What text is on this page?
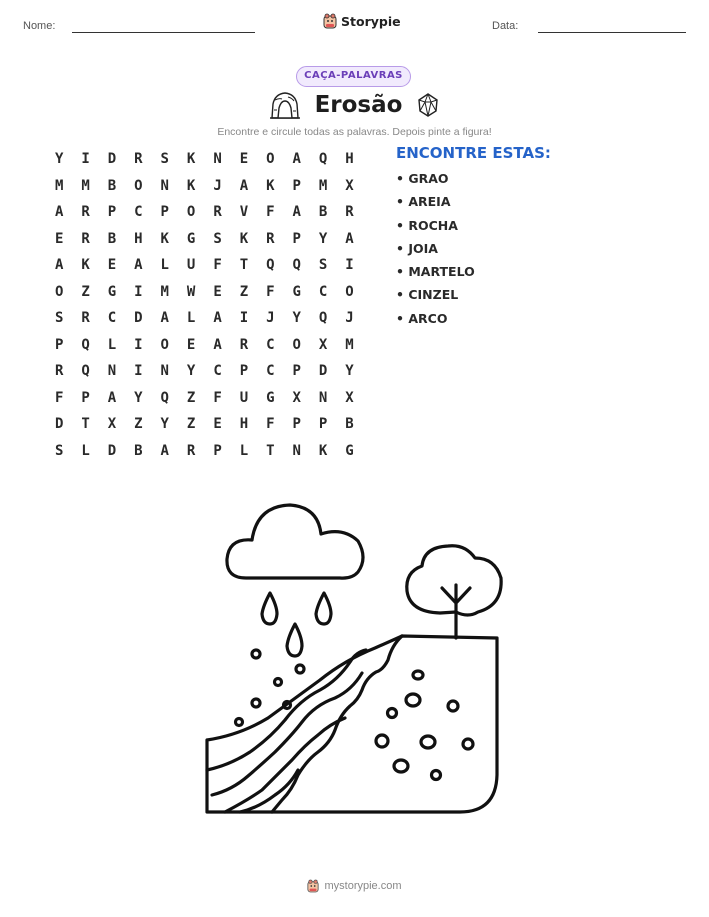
Nome:	Storypie	Data:
CAÇA-PALAVRAS
Erosão
Encontre e circule todas as palavras. Depois pinte a figura!
Y	I	D	R	S	K	N	E	O	A	Q	H
M	M	B	O	N	K	J	A	K	P	M	X
A	R	P	C	P	O	R	V	F	A	B	R
E	R	B	H	K	G	S	K	R	P	Y	A
A	K	E	A	L	U	F	T	Q	Q	S	I
O	Z	G	I	M	W	E	Z	F	G	C	O
S	R	C	D	A	L	A	I	J	Y	Q	J
P	Q	L	I	O	E	A	R	C	O	X	M
R	Q	N	I	N	Y	C	P	C	P	D	Y
F	P	A	Y	Q	Z	F	U	G	X	N	X
D	T	X	Z	Y	Z	E	H	F	P	P	B
S	L	D	B	A	R	P	L	T	N	K	G
ENCONTRE ESTAS:
• GRAO
• AREIA
• ROCHA
• JOIA
• MARTELO
• CINZEL
• ARCO
mystorypie.com
